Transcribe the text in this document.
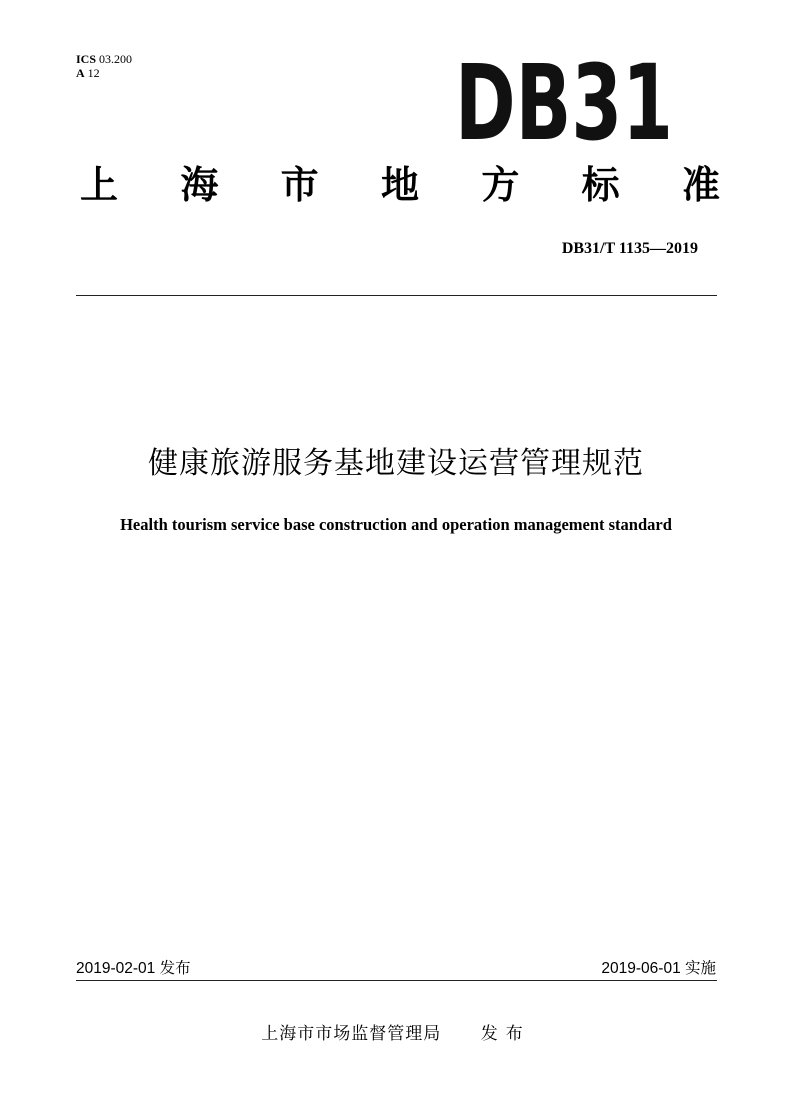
ICS 03.200
A 12	DB31
上 海 市 地 方 标 准
DB31/T 1135—2019
健康旅游服务基地建设运营管理规范
Health tourism service base construction and operation management standard
2019-02-01 发布	2019-06-01 实施
上海市市场监督管理局 发布
